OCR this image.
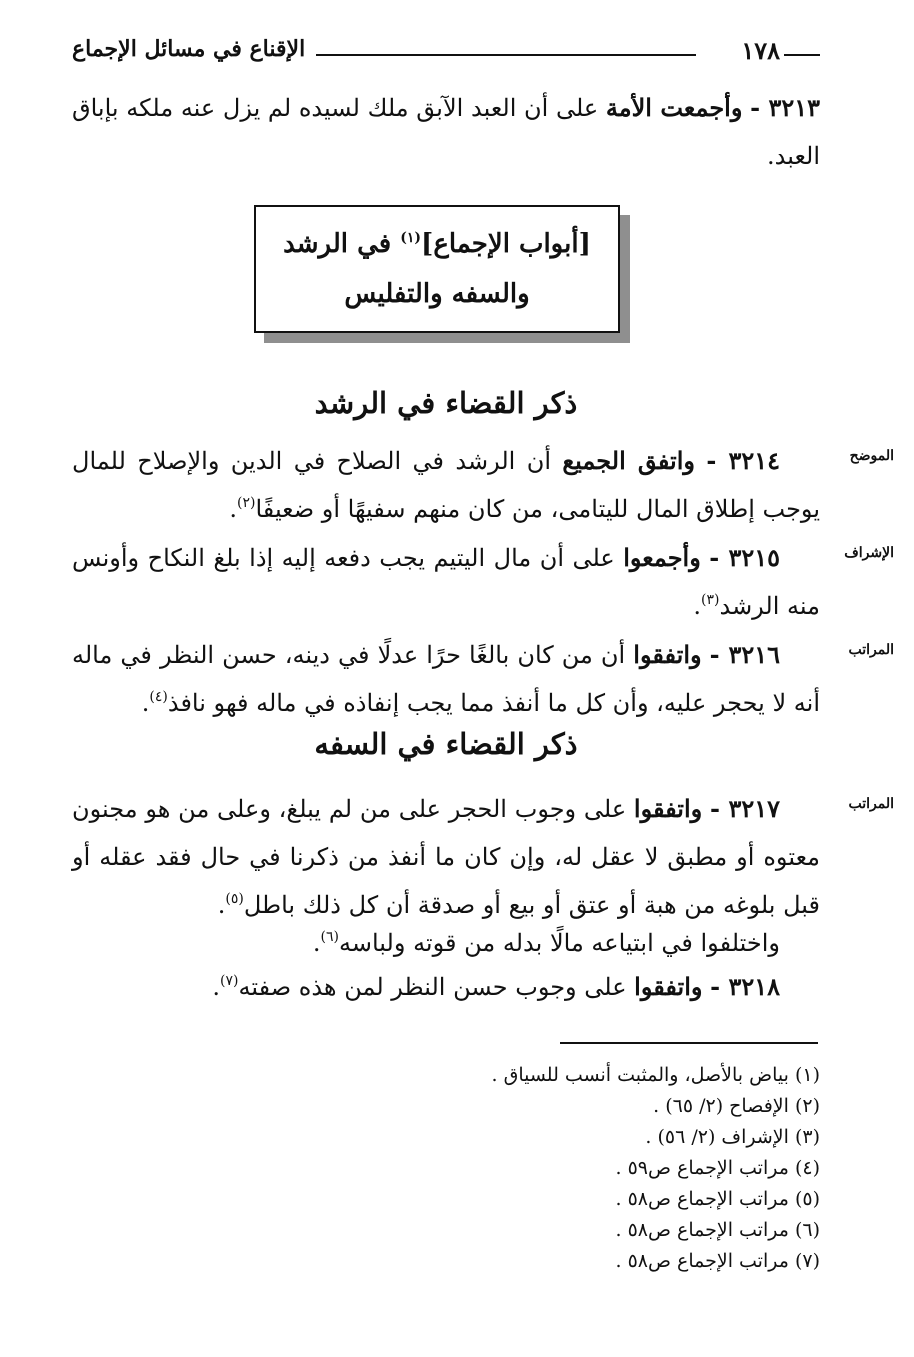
١٧٨
الإقناع في مسائل الإجماع
٣٢١٣ - وأجمعت الأمة على أن العبد الآبق ملك لسيده لم يزل عنه ملكه بإباق العبد.
[أبواب الإجماع]$^{(١)}$ في الرشد
والسفه والتفليس
ذكر القضاء في الرشد
الموضح
٣٢١٤ - واتفق الجميع أن الرشد في الصلاح في الدين والإصلاح للمال يوجب إطلاق المال لليتامى، من كان منهم سفيهًا أو ضعيفًا$^{(٢)}$.
الإشراف
٣٢١٥ - وأجمعوا على أن مال اليتيم يجب دفعه إليه إذا بلغ النكاح وأونس منه الرشد$^{(٣)}$.
المراتب
٣٢١٦ - واتفقوا أن من كان بالغًا حرًا عدلًا في دينه، حسن النظر في ماله أنه لا يحجر عليه، وأن كل ما أنفذ مما يجب إنفاذه في ماله فهو نافذ$^{(٤)}$.
ذكر القضاء في السفه
المراتب
٣٢١٧ - واتفقوا على وجوب الحجر على من لم يبلغ، وعلى من هو مجنون معتوه أو مطبق لا عقل له، وإن كان ما أنفذ من ذكرنا في حال فقد عقله أو قبل بلوغه من هبة أو عتق أو بيع أو صدقة أن كل ذلك باطل$^{(٥)}$.
واختلفوا في ابتياعه مالًا بدله من قوته ولباسه$^{(٦)}$.
٣٢١٨ - واتفقوا على وجوب حسن النظر لمن هذه صفته$^{(٧)}$.
(١) بياض بالأصل، والمثبت أنسب للسياق .
(٢) الإفصاح (٢/ ٦٥) .
(٣) الإشراف (٢/ ٥٦) .
(٤) مراتب الإجماع ص٥٩ .
(٥) مراتب الإجماع ص٥٨ .
(٦) مراتب الإجماع ص٥٨ .
(٧) مراتب الإجماع ص٥٨ .
